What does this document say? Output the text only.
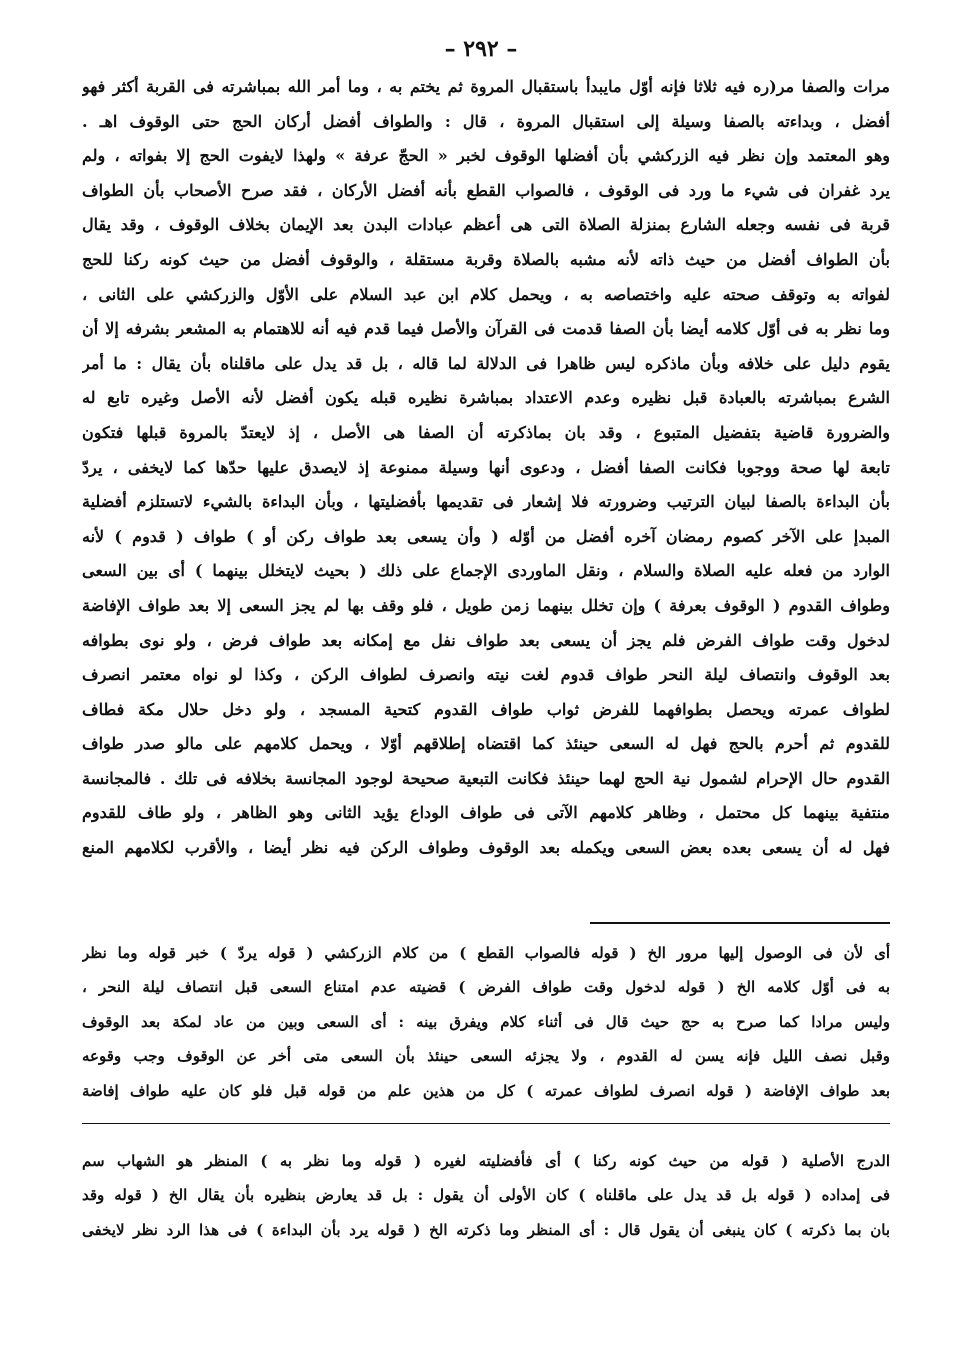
– ٢٩٢ –
مرات والصفا مر(ره فيه ثلاثا فإنه أوّل مايبدأ باستقبال المروة ثم يختم به ، وما أمر الله بمباشرته فى القربة أكثر فهو
أفضل ، وبداءته بالصفا وسيلة إلى استقبال المروة ، قال : والطواف أفضل أركان الحج حتى الوقوف اهـ .
وهو المعتمد وإن نظر فيه الزركشي بأن أفضلها الوقوف لخبر « الحجّ عرفة » ولهذا لايفوت الحج إلا بفواته ، ولم
يرد غفران فى شيء ما ورد فى الوقوف ، فالصواب القطع بأنه أفضل الأركان ، فقد صرح الأصحاب بأن الطواف
قربة فى نفسه وجعله الشارع بمنزلة الصلاة التى هى أعظم عبادات البدن بعد الإيمان بخلاف الوقوف ، وقد يقال
بأن الطواف أفضل من حيث ذاته لأنه مشبه بالصلاة وقربة مستقلة ، والوقوف أفضل من حيث كونه ركنا للحج
لفواته به وتوقف صحته عليه واختصاصه به ، ويحمل كلام ابن عبد السلام على الأوّل والزركشي على الثانى ،
وما نظر به فى أوّل كلامه أيضا بأن الصفا قدمت فى القرآن والأصل فيما قدم فيه أنه للاهتمام به المشعر بشرفه إلا أن
يقوم دليل على خلافه وبأن ماذكره ليس ظاهرا فى الدلالة لما قاله ، بل قد يدل على ماقلناه بأن يقال : ما أمر
الشرع بمباشرته بالعبادة قبل نظيره وعدم الاعتداد بمباشرة نظيره قبله يكون أفضل لأنه الأصل وغيره تابع له
والضرورة قاضية بتفضيل المتبوع ، وقد بان بماذكرته أن الصفا هى الأصل ، إذ لايعتدّ بالمروة قبلها فتكون
تابعة لها صحة ووجوبا فكانت الصفا أفضل ، ودعوى أنها وسيلة ممنوعة إذ لايصدق عليها حدّها كما لايخفى ، يردّ
بأن البداءة بالصفا لبيان الترتيب وضرورته فلا إشعار فى تقديمها بأفضليتها ، وبأن البداءة بالشيء لاتستلزم أفضلية
المبدإ على الآخر كصوم رمضان آخره أفضل من أوّله ( وأن يسعى بعد طواف ركن أو ) طواف ( قدوم ) لأنه
الوارد من فعله عليه الصلاة والسلام ، ونقل الماوردى الإجماع على ذلك ( بحيث لايتخلل بينهما ) أى بين السعى
وطواف القدوم ( الوقوف بعرفة ) وإن تخلل بينهما زمن طويل ، فلو وقف بها لم يجز السعى إلا بعد طواف الإفاضة
لدخول وقت طواف الفرض فلم يجز أن يسعى بعد طواف نفل مع إمكانه بعد طواف فرض ، ولو نوى بطوافه
بعد الوقوف وانتصاف ليلة النحر طواف قدوم لغت نيته وانصرف لطواف الركن ، وكذا لو نواه معتمر انصرف
لطواف عمرته ويحصل بطوافهما للفرض ثواب طواف القدوم كتحية المسجد ، ولو دخل حلال مكة فطاف
للقدوم ثم أحرم بالحج فهل له السعى حينئذ كما اقتضاه إطلاقهم أوّلا ، ويحمل كلامهم على مالو صدر طواف
القدوم حال الإحرام لشمول نية الحج لهما حينئذ فكانت التبعية صحيحة لوجود المجانسة بخلافه فى تلك . فالمجانسة
منتفية بينهما كل محتمل ، وظاهر كلامهم الآتى فى طواف الوداع يؤيد الثانى وهو الظاهر ، ولو طاف للقدوم
فهل له أن يسعى بعده بعض السعى ويكمله بعد الوقوف وطواف الركن فيه نظر أيضا ، والأقرب لكلامهم المنع
أى لأن فى الوصول إليها مرور الخ ( قوله فالصواب القطع ) من كلام الزركشي ( قوله يردّ ) خبر قوله وما نظر
به فى أوّل كلامه الخ ( قوله لدخول وقت طواف الفرض ) قضيته عدم امتناع السعى قبل انتصاف ليلة النحر ،
وليس مرادا كما صرح به حج حيث قال فى أثناء كلام ويفرق بينه : أى السعى وبين من عاد لمكة بعد الوقوف
وقبل نصف الليل فإنه يسن له القدوم ، ولا يجزئه السعى حينئذ بأن السعى متى أخر عن الوقوف وجب وقوعه
بعد طواف الإفاضة ( قوله انصرف لطواف عمرته ) كل من هذين علم من قوله قبل فلو كان عليه طواف إفاضة
الدرج الأصلية ( قوله من حيث كونه ركنا ) أى فأفضليته لغيره ( قوله وما نظر به ) المنظر هو الشهاب سم
فى إمداده ( قوله بل قد يدل على ماقلناه ) كان الأولى أن يقول : بل قد يعارض بنظيره بأن يقال الخ ( قوله وقد
بان بما ذكرته ) كان ينبغى أن يقول قال : أى المنظر وما ذكرته الخ ( قوله يرد بأن البداءة ) فى هذا الرد نظر لايخفى
